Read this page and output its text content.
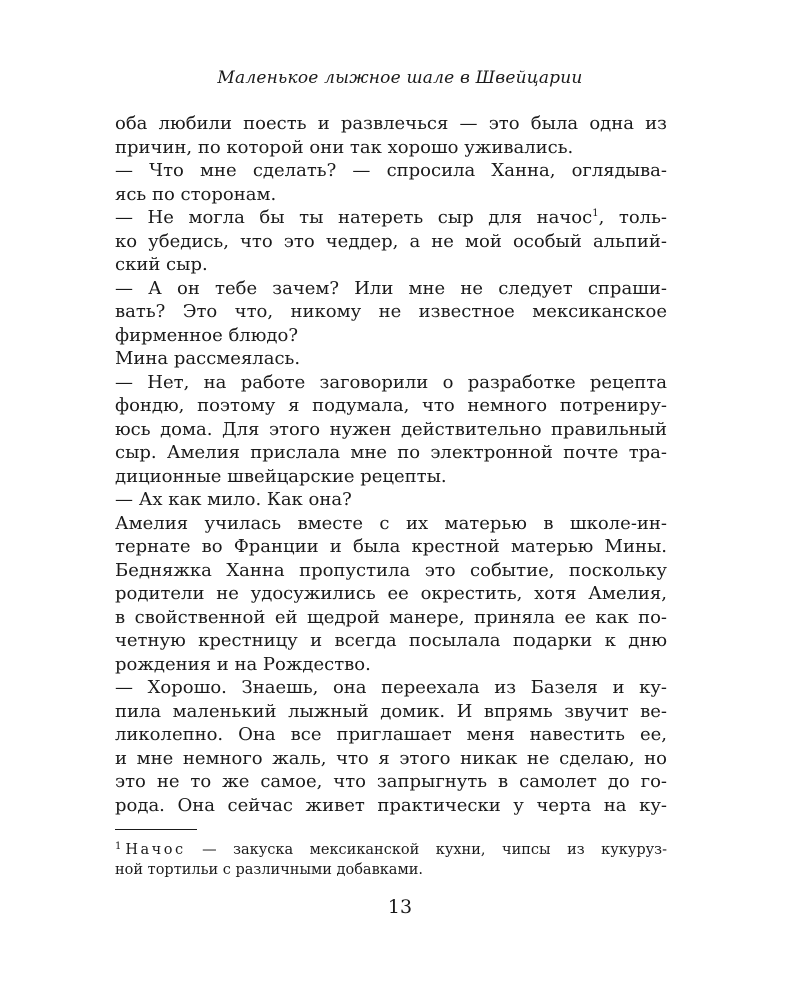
Маленькое лыжное шале в Швейцарии
оба любили поесть и развлечься — это была одна из
причин, по которой они так хорошо уживались.
— Что мне сделать? — спросила Ханна, оглядыва-
ясь по сторонам.
— Не могла бы ты натереть сыр для начос$^1$, толь-
ко убедись, что это чеддер, а не мой особый альпий-
ский сыр.
— А он тебе зачем? Или мне не следует спраши-
вать? Это что, никому не известное мексиканское
фирменное блюдо?
Мина рассмеялась.
— Нет, на работе заговорили о разработке рецепта
фондю, поэтому я подумала, что немного потрениру-
юсь дома. Для этого нужен действительно правильный
сыр. Амелия прислала мне по электронной почте тра-
диционные швейцарские рецепты.
— Ах как мило. Как она?
Амелия училась вместе с их матерью в школе-ин-
тернате во Франции и была крестной матерью Мины.
Бедняжка Ханна пропустила это событие, поскольку
родители не удосужились ее окрестить, хотя Амелия,
в свойственной ей щедрой манере, приняла ее как по-
четную крестницу и всегда посылала подарки к дню
рождения и на Рождество.
— Хорошо. Знаешь, она переехала из Базеля и ку-
пила маленький лыжный домик. И впрямь звучит ве-
ликолепно. Она все приглашает меня навестить ее,
и мне немного жаль, что я этого никак не сделаю, но
это не то же самое, что запрыгнуть в самолет до го-
рода. Она сейчас живет практически у черта на ку-
$^1$ Начос — закуска мексиканской кухни, чипсы из кукуруз-
ной тортильи с различными добавками.
13
